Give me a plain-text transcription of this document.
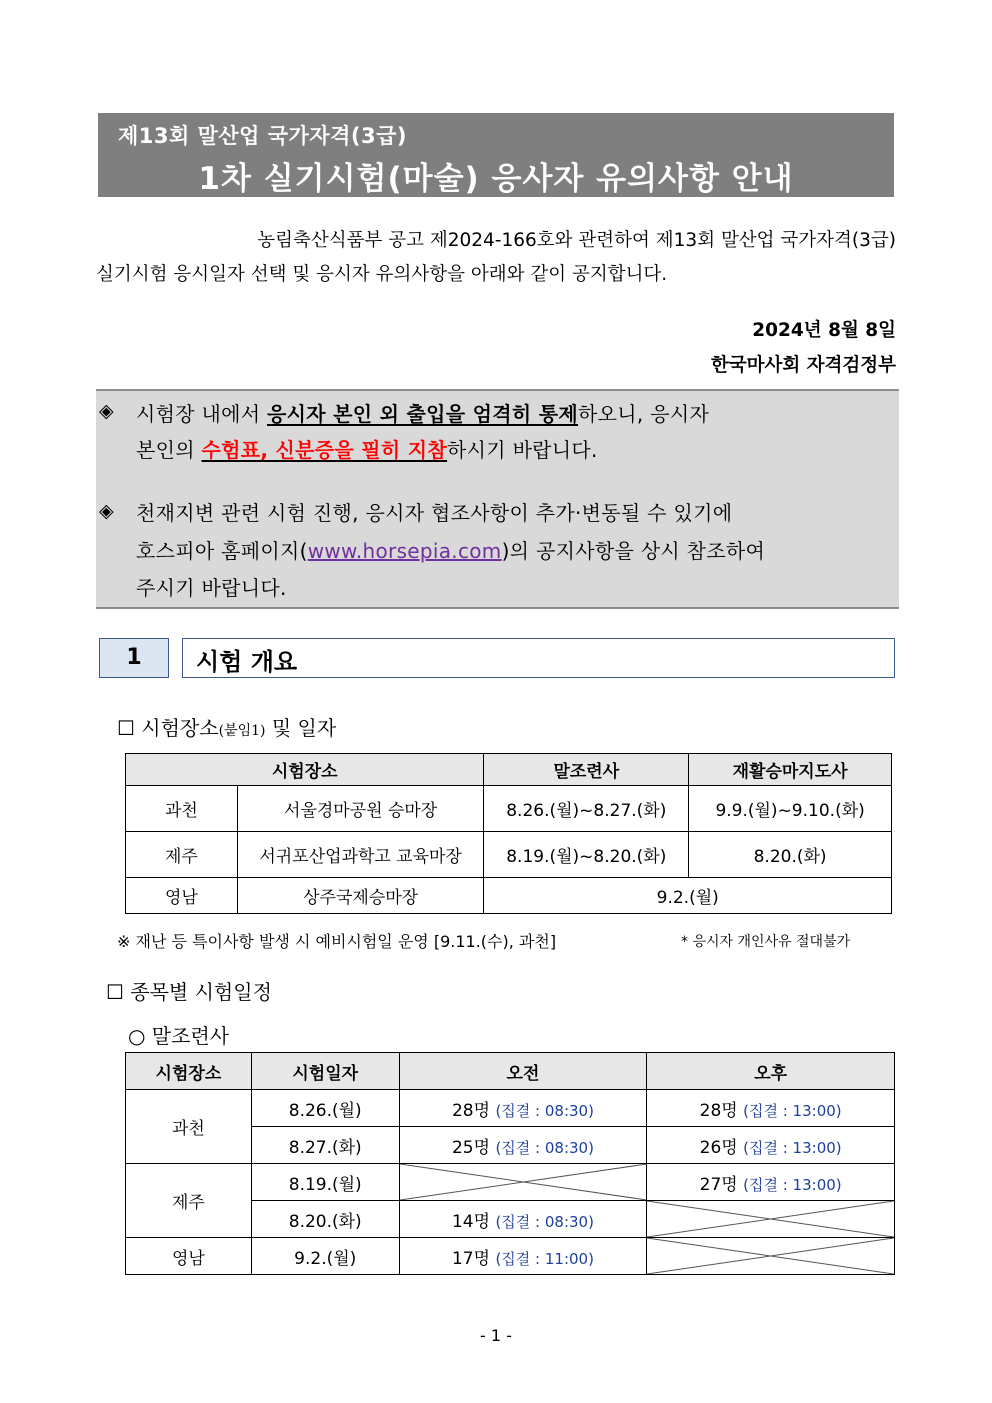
제13회 말산업 국가자격(3급)
1차 실기시험(마술) 응사자 유의사항 안내
농림축산식품부 공고 제2024-166호와 관련하여 제13회 말산업 국가자격(3급)
실기시험 응시일자 선택 및 응시자 유의사항을 아래와 같이 공지합니다.
2024년 8월 8일
한국마사회 자격검정부
◈ 시험장 내에서 응시자 본인 외 출입을 엄격히 통제하오니, 응시자
본인의 수험표, 신분증을 필히 지참하시기 바랍니다.
◈ 천재지변 관련 시험 진행, 응시자 협조사항이 추가·변동될 수 있기에
호스피아 홈페이지(www.horsepia.com)의 공지사항을 상시 참조하여
주시기 바랍니다.
1	시험 개요
☐ 시험장소(붙임1) 및 일자
시험장소		말조련사	재활승마지도사
과천	서울경마공원 승마장	8.26.(월)~8.27.(화)	9.9.(월)~9.10.(화)
제주	서귀포산업과학고 교육마장	8.19.(월)~8.20.(화)	8.20.(화)
영남	상주국제승마장	9.2.(월)	
※ 재난 등 특이사항 발생 시 예비시험일 운영 [9.11.(수), 과천]	* 응시자 개인사유 절대불가
☐ 종목별 시험일정
○ 말조련사
시험장소	시험일자	오전	오후
과천	8.26.(월)	28명 (집결 : 08:30)	28명 (집결 : 13:00)
	8.27.(화)	25명 (집결 : 08:30)	26명 (집결 : 13:00)
제주	8.19.(월)		27명 (집결 : 13:00)
	8.20.(화)	14명 (집결 : 08:30)	

영남	9.2.(월)	17명 (집결 : 11:00)	
- 1 -
